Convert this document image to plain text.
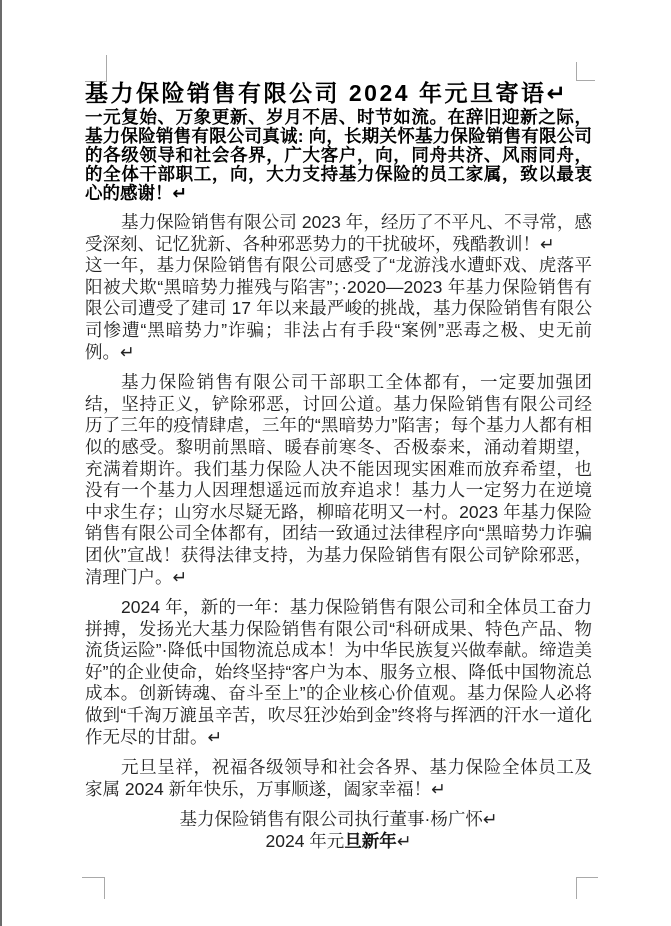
基力保险销售有限公司 2024 年元旦寄语↵

一元复始、万象更新、岁月不居、时节如流。在辞旧迎新之际，基力保险销售有限公司真诚: 向，长期关怀基力保险销售有限公司的各级领导和社会各界，广大客户，向，同舟共济、风雨同舟，的全体干部职工，向，大力支持基力保险的员工家属，致以最衷心的感谢！↵

基力保险销售有限公司 2023 年，经历了不平凡、不寻常，感受深刻、记忆犹新、各种邪恶势力的干扰破坏，残酷教训！↵
这一年，基力保险销售有限公司感受了“龙游浅水遭虾戏、虎落平阳被犬欺“黑暗势力摧残与陷害”；·2020—2023 年基力保险销售有限公司遭受了建司 17 年以来最严峻的挑战，基力保险销售有限公司惨遭“黑暗势力”诈骗；非法占有手段“案例”恶毒之极、史无前例。↵

基力保险销售有限公司干部职工全体都有，一定要加强团结，坚持正义，铲除邪恶，讨回公道。基力保险销售有限公司经历了三年的疫情肆虐，三年的“黑暗势力”陷害；每个基力人都有相似的感受。黎明前黑暗、暖春前寒冬、否极泰来，涌动着期望，充满着期许。我们基力保险人决不能因现实困难而放弃希望，也没有一个基力人因理想遥远而放弃追求！基力人一定努力在逆境中求生存；山穷水尽疑无路，柳暗花明又一村。2023 年基力保险销售有限公司全体都有，团结一致通过法律程序向“黑暗势力诈骗团伙”宣战！获得法律支持，为基力保险销售有限公司铲除邪恶，清理门户。↵

2024 年，新的一年：基力保险销售有限公司和全体员工奋力拼搏，发扬光大基力保险销售有限公司“科研成果、特色产品、物流货运险”·降低中国物流总成本！为中华民族复兴做奉献。缔造美好”的企业使命，始终坚持“客户为本、服务立根、降低中国物流总成本。创新铸魂、奋斗至上”的企业核心价值观。基力保险人必将做到“千淘万漉虽辛苦，吹尽狂沙始到金”终将与挥洒的汗水一道化作无尽的甘甜。↵

元旦呈祥，祝福各级领导和社会各界、基力保险全体员工及家属 2024 新年快乐，万事顺遂，阖家幸福！↵

基力保险销售有限公司执行董事·杨广怀↵

2024 年元旦新年↵
